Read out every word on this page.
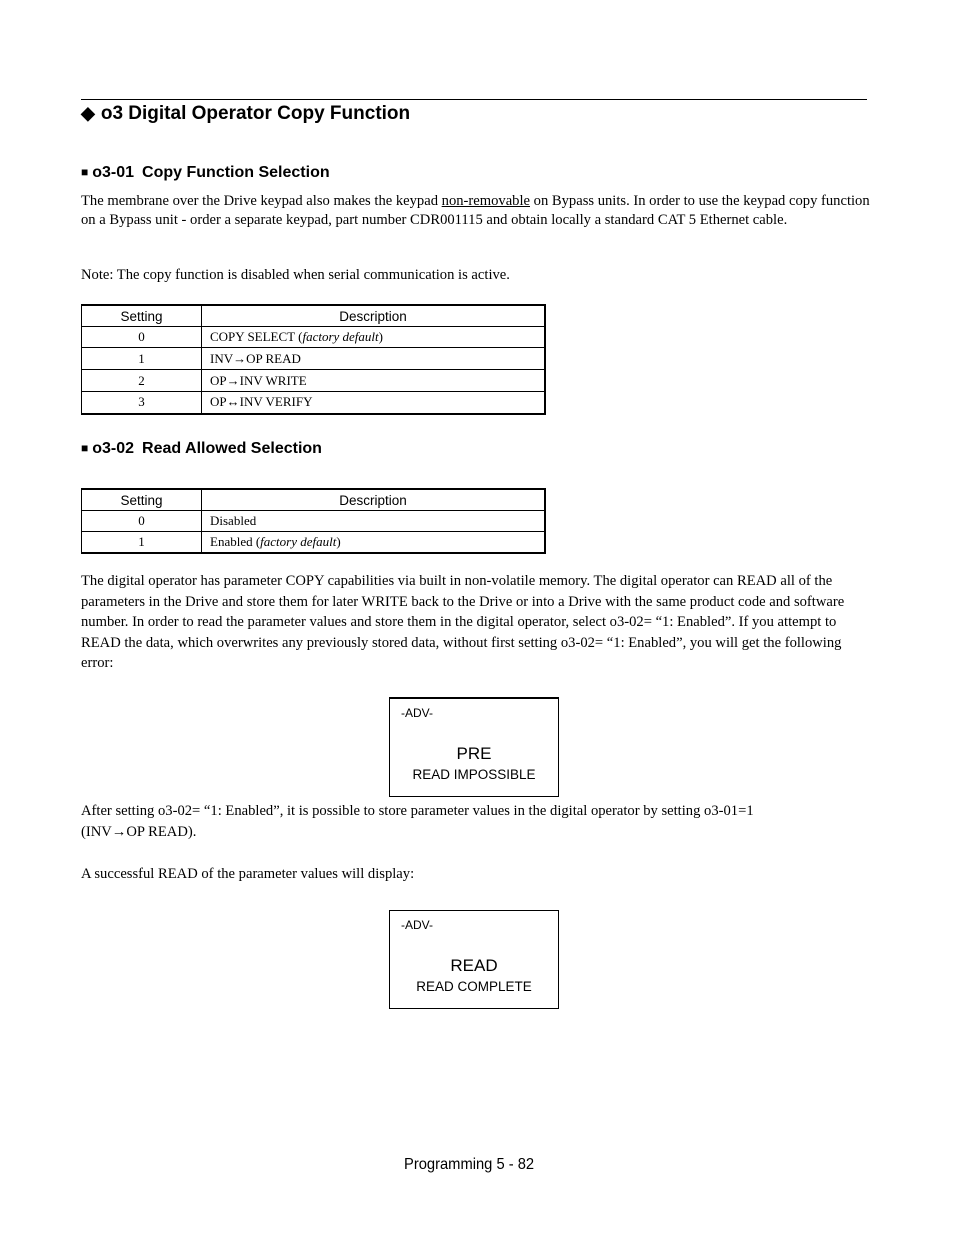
◆ o3 Digital Operator Copy Function
■ o3-01 Copy Function Selection
The membrane over the Drive keypad also makes the keypad non-removable on Bypass units. In order to use the keypad copy function on a Bypass unit - order a separate keypad, part number CDR001115 and obtain locally a standard CAT 5 Ethernet cable.
Note: The copy function is disabled when serial communication is active.
Setting	Description
0	COPY SELECT (factory default)
1	INV→OP READ
2	OP→INV WRITE
3	OP↔INV VERIFY
■ o3-02 Read Allowed Selection
Setting	Description
0	Disabled
1	Enabled (factory default)
The digital operator has parameter COPY capabilities via built in non-volatile memory. The digital operator can READ all of the parameters in the Drive and store them for later WRITE back to the Drive or into a Drive with the same product code and software number. In order to read the parameter values and store them in the digital operator, select o3-02= “1: Enabled”. If you attempt to READ the data, which overwrites any previously stored data, without first setting o3-02= “1: Enabled”, you will get the following error:
-ADV-
PRE
READ IMPOSSIBLE
After setting o3-02= “1: Enabled”, it is possible to store parameter values in the digital operator by setting o3-01=1
(INV→OP READ).
A successful READ of the parameter values will display:
-ADV-
READ
READ COMPLETE
Programming 5 - 82
